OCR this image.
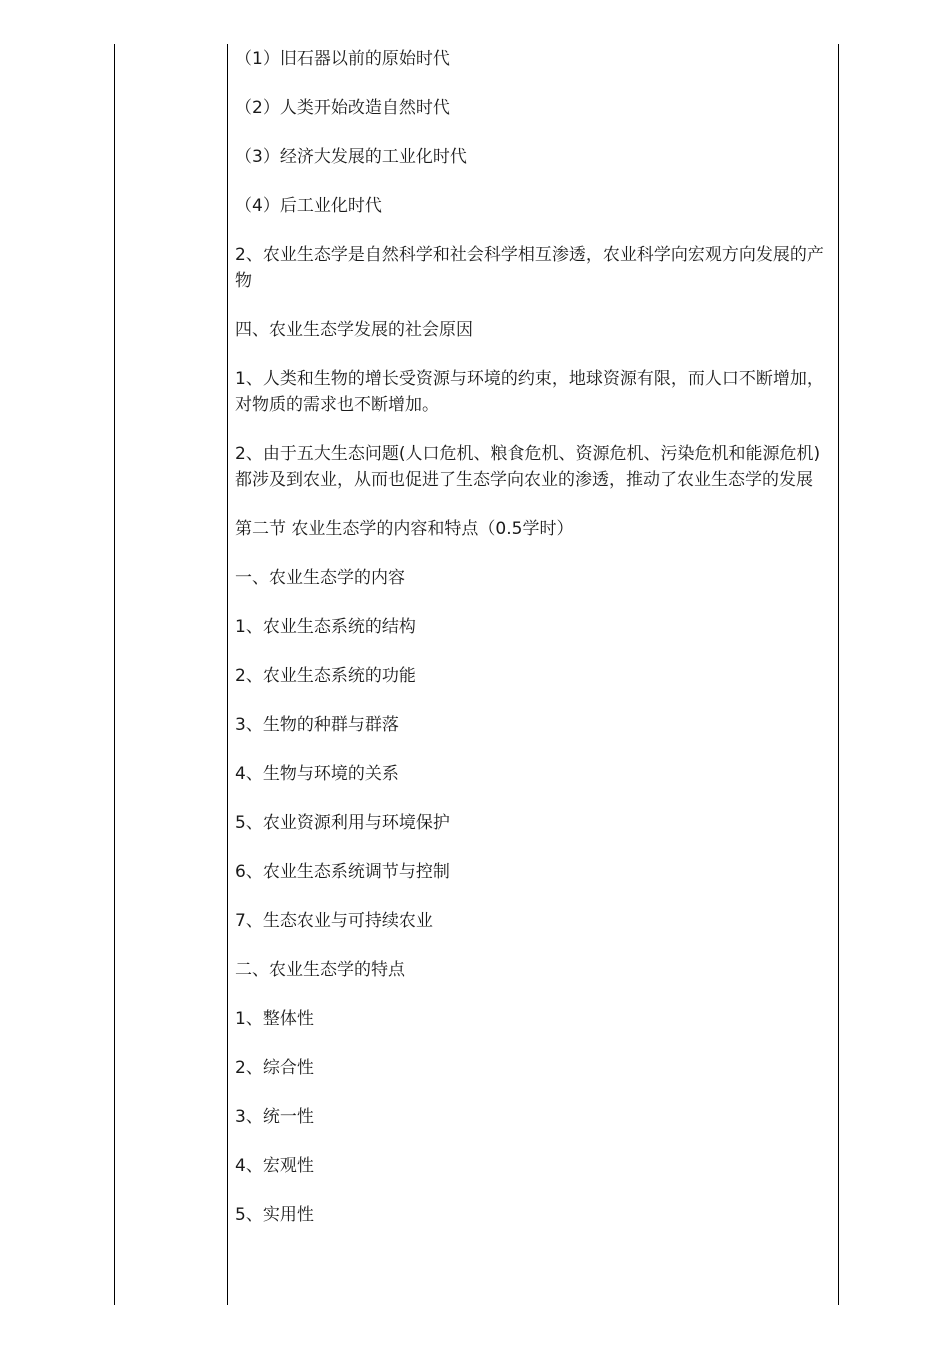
（1）旧石器以前的原始时代

（2）人类开始改造自然时代

（3）经济大发展的工业化时代

（4）后工业化时代

2、农业生态学是自然科学和社会科学相互渗透，农业科学向宏观方向发展的产物

四、农业生态学发展的社会原因

1、人类和生物的增长受资源与环境的约束，地球资源有限，而人口不断增加，对物质的需求也不断增加。

2、由于五大生态问题(人口危机、粮食危机、资源危机、污染危机和能源危机)都涉及到农业，从而也促进了生态学向农业的渗透，推动了农业生态学的发展

第二节 农业生态学的内容和特点（0.5学时）

一、农业生态学的内容

1、农业生态系统的结构

2、农业生态系统的功能

3、生物的种群与群落

4、生物与环境的关系

5、农业资源利用与环境保护

6、农业生态系统调节与控制

7、生态农业与可持续农业

二、农业生态学的特点

1、整体性

2、综合性

3、统一性

4、宏观性

5、实用性
